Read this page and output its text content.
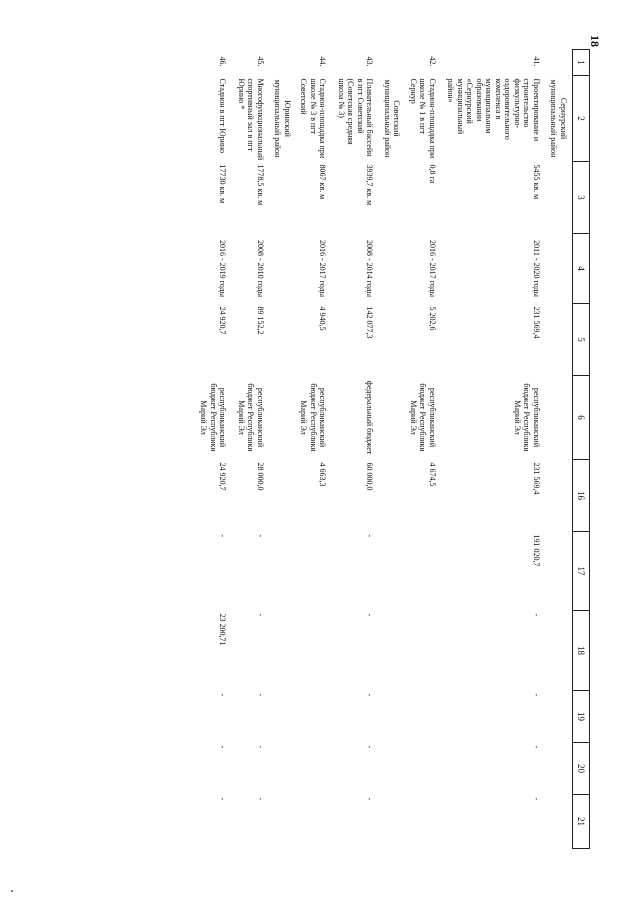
18
1	2	3	4	5	6	16	17	18	19	20	21
	Сернурский муниципальный район										
41.	Проектирование и строительство физкультурно-оздоровительного комплекса в муниципальном образовании «Сернурский муниципальный район»	5455 кв. м	2011 - 2020 годы	231 569,4	республиканский бюджет Республики Марий Эл	231 569,4	191 020,7	-	-	-	-
42.	Стадион-площадка при школе № 1 в пгт Сернур	0,8 га	2016 - 2017 годы	5 202,6	республиканский бюджет Республики Марий Эл	4 674,5					
	Советский муниципальный район										
43.	Плавательный бассейн в пгт Советский (Советская средняя школа № 3)	3939,7 кв. м	2008 - 2014 годы	142 077,3	федеральный бюджет	60 000,0	-	-	-	-	-
44.	Стадион-площадка при школе № 3 в пгт Советский	8067 кв. м	2016 - 2017 годы	4 940,5	республиканский бюджет Республики Марий Эл	4 663,3					
	Юринский муниципальный район										
45.	Многофункциональный спортивный зал в пгт Юрино *	1778,5 кв. м	2008 - 2010 годы	89 152,2	республиканский бюджет Республики Марий Эл	28 000,0	-	-	-	-	-
46.	Стадион в пгт Юрино	17730 кв. м	2016 - 2019 годы	24 920,7	республиканский бюджет Республики Марий Эл	24 920,7	-	23 200,71	-	-	-
